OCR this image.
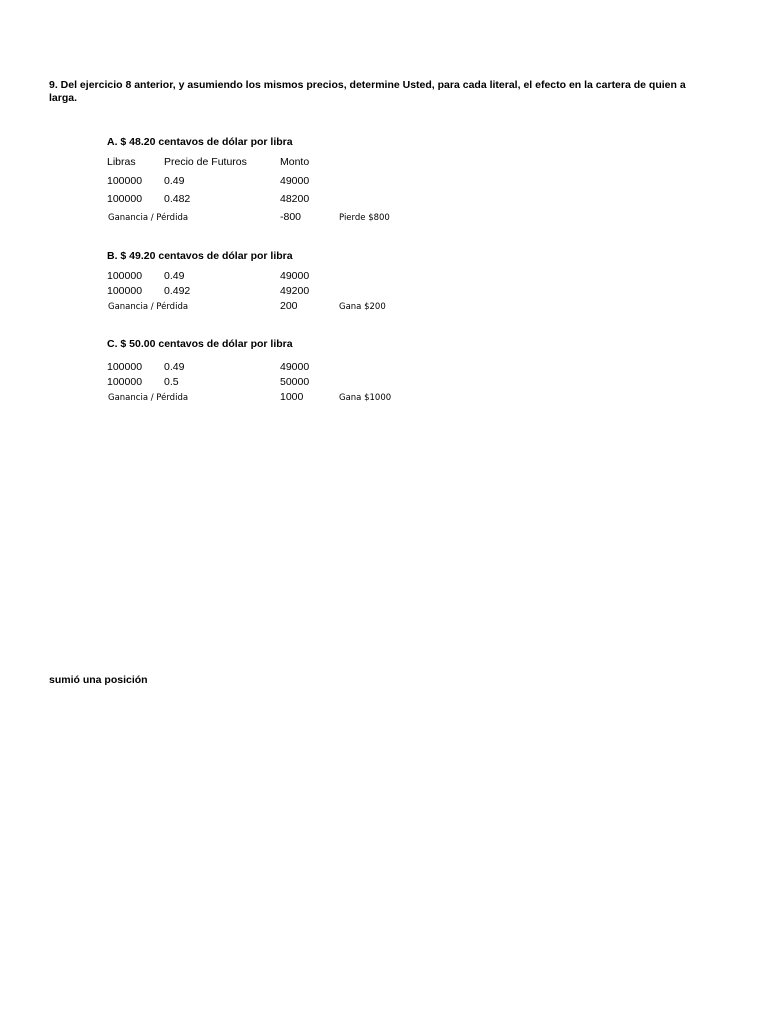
9. Del ejercicio 8 anterior, y asumiendo los mismos precios, determine Usted, para cada literal, el efecto en la cartera de quien a
larga.
A. $ 48.20 centavos de dólar por libra
Libras	Precio de Futuros	Monto
100000 0.49	49000
100000 0.482	48200
Ganancia / Pérdida	-800	Pierde $800
B. $ 49.20 centavos de dólar por libra
100000 0.49	49000
100000 0.492	49200
Ganancia / Pérdida	200	Gana $200
C. $ 50.00 centavos de dólar por libra
100000 0.49	49000
100000 0.5	50000
Ganancia / Pérdida	1000	Gana $1000
sumió una posición
